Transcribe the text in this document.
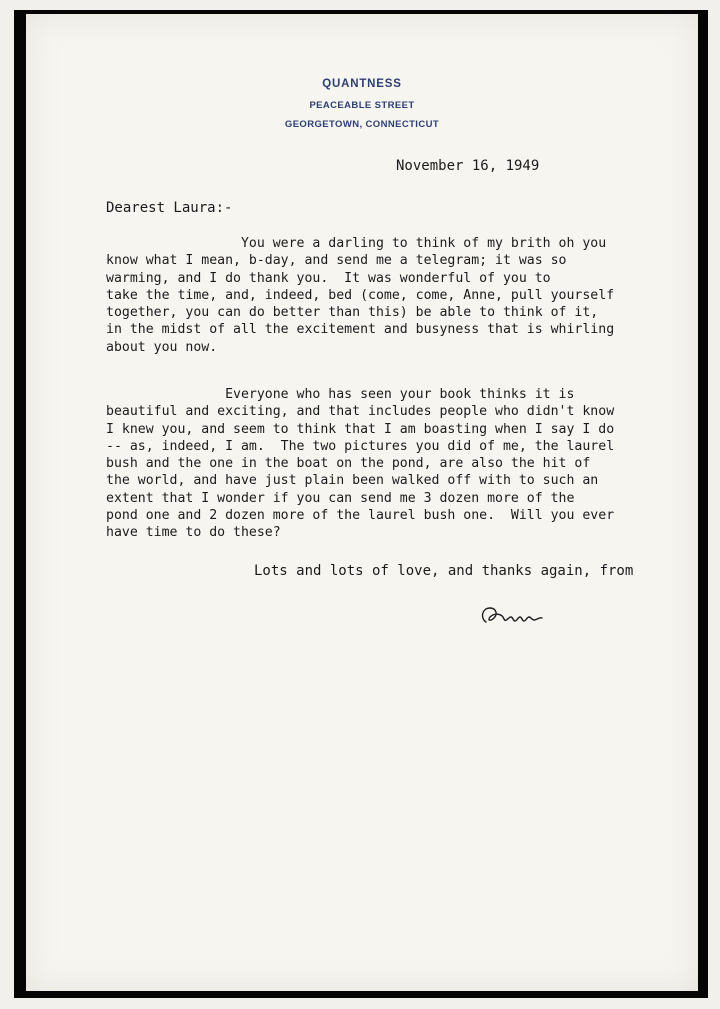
QUANTNESS
PEACEABLE STREET
GEORGETOWN, CONNECTICUT
November 16, 1949
Dearest Laura:-
You were a darling to think of my brith oh you
know what I mean, b-day, and send me a telegram; it was so
warming, and I do thank you.  It was wonderful of you to
take the time, and, indeed, bed (come, come, Anne, pull yourself
together, you can do better than this) be able to think of it,
in the midst of all the excitement and busyness that is whirling
about you now.
Everyone who has seen your book thinks it is
beautiful and exciting, and that includes people who didn't know
I knew you, and seem to think that I am boasting when I say I do
-- as, indeed, I am.  The two pictures you did of me, the laurel
bush and the one in the boat on the pond, are also the hit of
the world, and have just plain been walked off with to such an
extent that I wonder if you can send me 3 dozen more of the
pond one and 2 dozen more of the laurel bush one.  Will you ever
have time to do these?
Lots and lots of love, and thanks again, from
